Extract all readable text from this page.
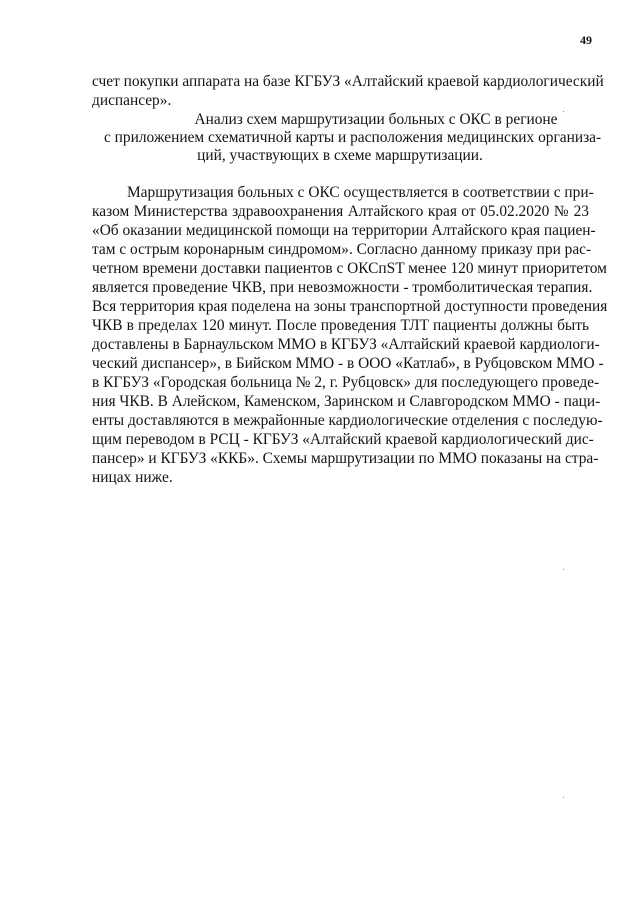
49

счет покупки аппарата на базе КГБУЗ «Алтайский краевой кардиологический

диспансер».

Анализ схем маршрутизации больных с ОКС в регионе

с приложением схематичной карты и расположения медицинских организа-

ций, участвующих в схеме маршрутизации.

Маршрутизация больных с ОКС осуществляется в соответствии с при-

казом Министерства здравоохранения Алтайского края от 05.02.2020 № 23

«Об оказании медицинской помощи на территории Алтайского края пациен-

там с острым коронарным синдромом». Согласно данному приказу при рас-

четном времени доставки пациентов с ОКСпST менее 120 минут приоритетом

является проведение ЧКВ, при невозможности - тромболитическая терапия.

Вся территория края поделена на зоны транспортной доступности проведения

ЧКВ в пределах 120 минут. После проведения ТЛТ пациенты должны быть

доставлены в Барнаульском ММО в КГБУЗ «Алтайский краевой кардиологи-

ческий диспансер», в Бийском ММО - в ООО «Катлаб», в Рубцовском ММО -

в КГБУЗ «Городская больница № 2, г. Рубцовск» для последующего проведе-

ния ЧКВ. В Алейском, Каменском, Заринском и Славгородском ММО - паци-

енты доставляются в межрайонные кардиологические отделения с последую-

щим переводом в РСЦ - КГБУЗ «Алтайский краевой кардиологический дис-

пансер» и КГБУЗ «ККБ». Схемы маршрутизации по ММО показаны на стра-

ницах ниже.
